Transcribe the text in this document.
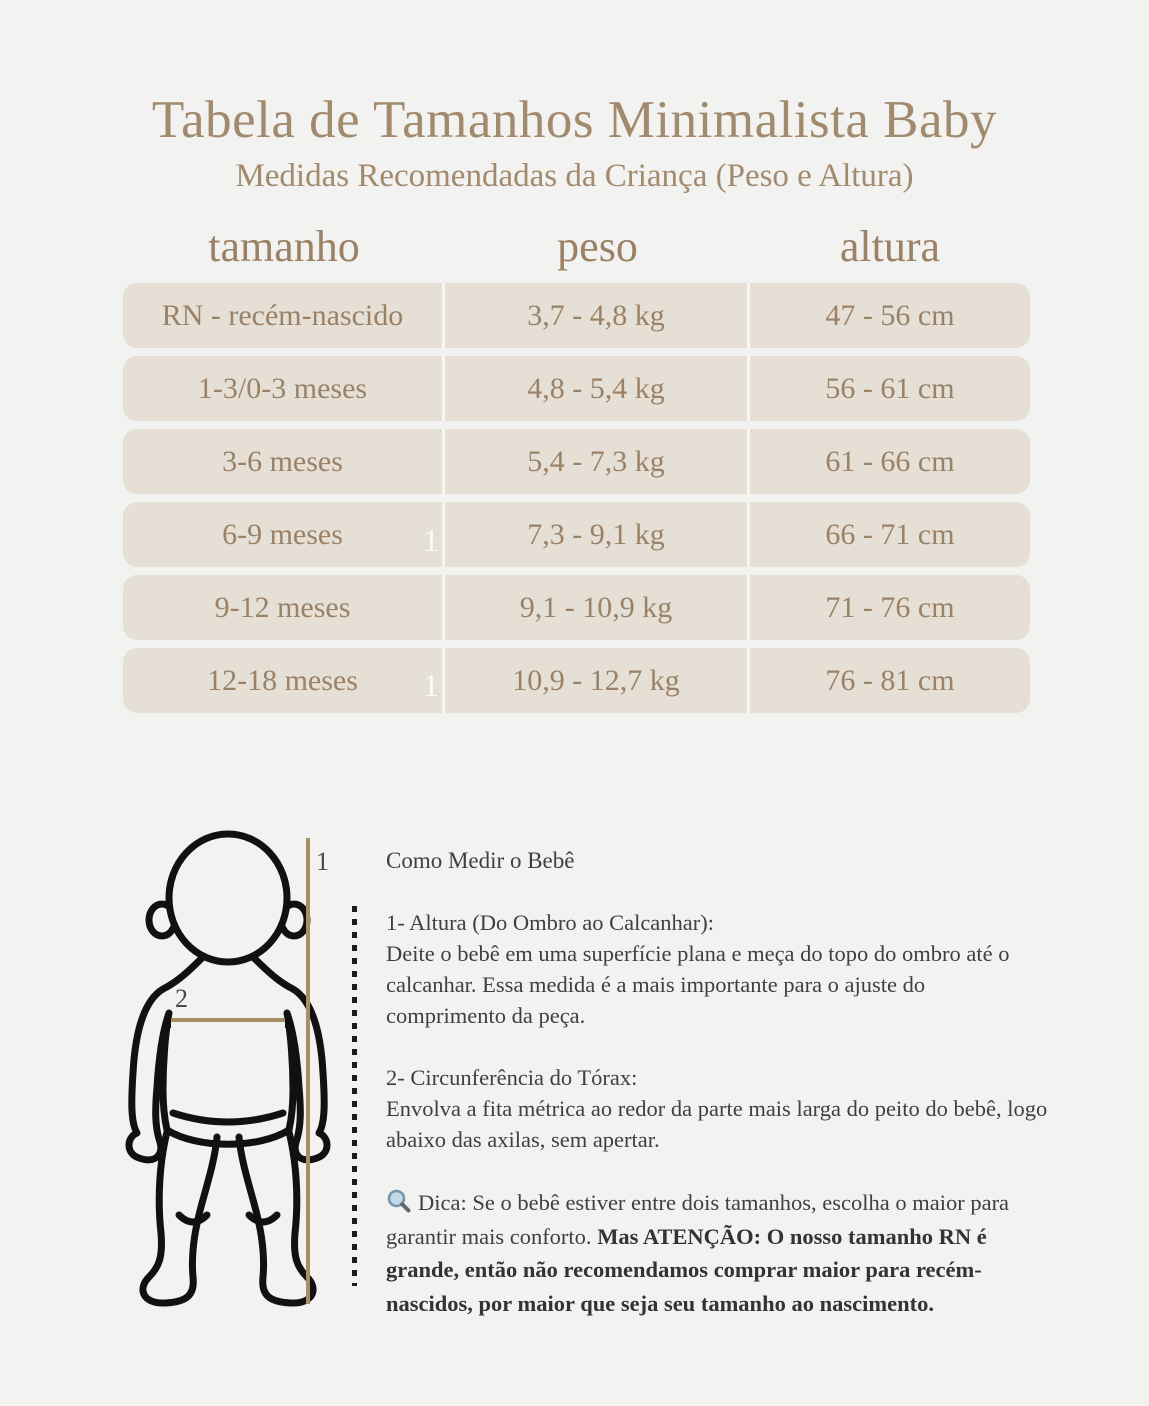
Tabela de Tamanhos Minimalista Baby
Medidas Recomendadas da Criança (Peso e Altura)
tamanho	peso	altura
RN - recém-nascido	3,7 - 4,8 kg	47 - 56 cm
1-3/0-3 meses	4,8 - 5,4 kg	56 - 61 cm
3-6 meses	5,4 - 7,3 kg	61 - 66 cm
6-9 meses	7,3 - 9,1 kg	66 - 71 cm
9-12 meses	9,1 - 10,9 kg	71 - 76 cm
12-18 meses	10,9 - 12,7 kg	76 - 81 cm
1
1
1
2
Como Medir o Bebê

1- Altura (Do Ombro ao Calcanhar):
Deite o bebê em uma superfície plana e meça do topo do ombro até o calcanhar. Essa medida é a mais importante para o ajuste do comprimento da peça.

2- Circunferência do Tórax:
Envolva a fita métrica ao redor da parte mais larga do peito do bebê, logo abaixo das axilas, sem apertar.

Dica: Se o bebê estiver entre dois tamanhos, escolha o maior para garantir mais conforto. Mas ATENÇÃO: O nosso tamanho RN é grande, então não recomendamos comprar maior para recém-nascidos, por maior que seja seu tamanho ao nascimento.
